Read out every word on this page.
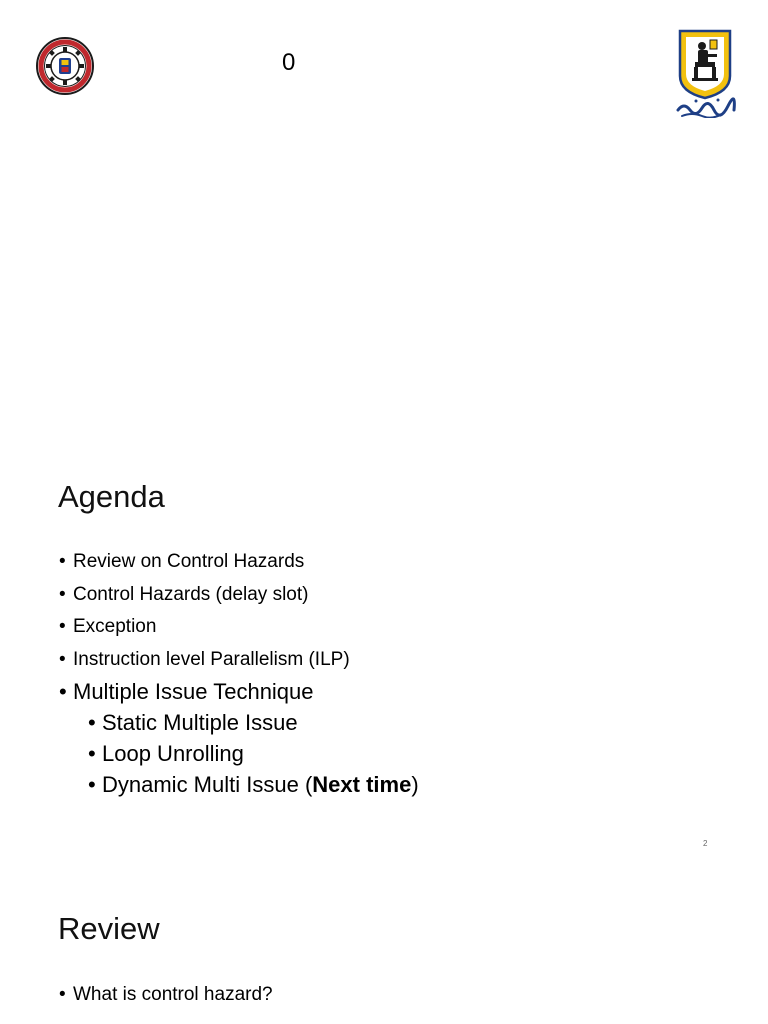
0
Agenda
• Review on Control Hazards
• Control Hazards (delay slot)
• Exception
• Instruction level Parallelism (ILP)
• Multiple Issue Technique
• Static Multiple Issue
• Loop Unrolling
• Dynamic Multi Issue (Next time)
2
Review
• What is control hazard?
